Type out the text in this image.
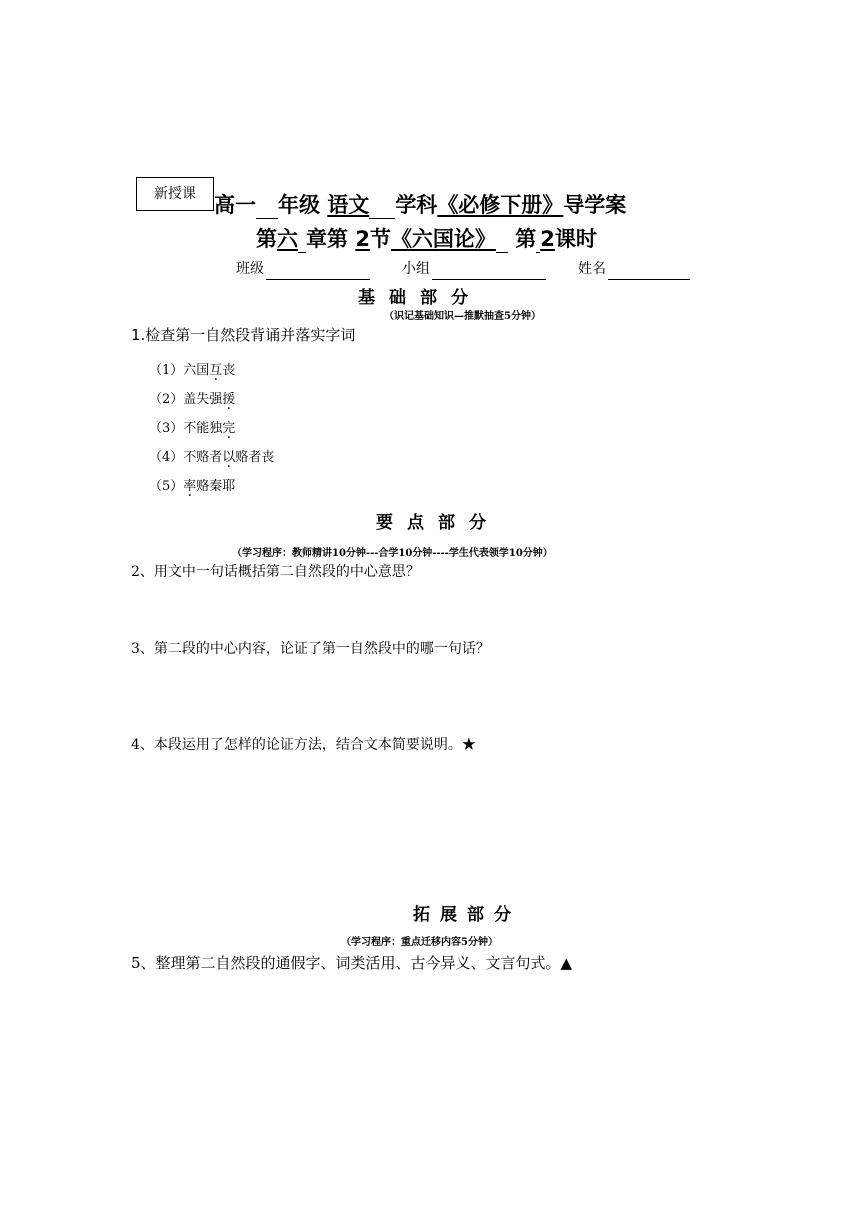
新授课 高一 年级 语文 学科《必修下册》导学案
第六 章第 2节《六国论》 第 2课时
班级	小组	姓名
基础部分
（识记基础知识—推默抽查5分钟）
1.检查第一自然段背诵并落实字词
（1）六国互丧
（2）盖失强援
（3）不能独完
（4）不赂者以赂者丧
（5）率赂秦耶
要点部分
（学习程序：教师精讲10分钟---合学10分钟----学生代表领学10分钟）
2、用文中一句话概括第二自然段的中心意思？
3、第二段的中心内容，论证了第一自然段中的哪一句话？
4、本段运用了怎样的论证方法，结合文本简要说明。★
拓展部分
（学习程序：重点迁移内容5分钟）
5、整理第二自然段的通假字、词类活用、古今异义、文言句式。▲
